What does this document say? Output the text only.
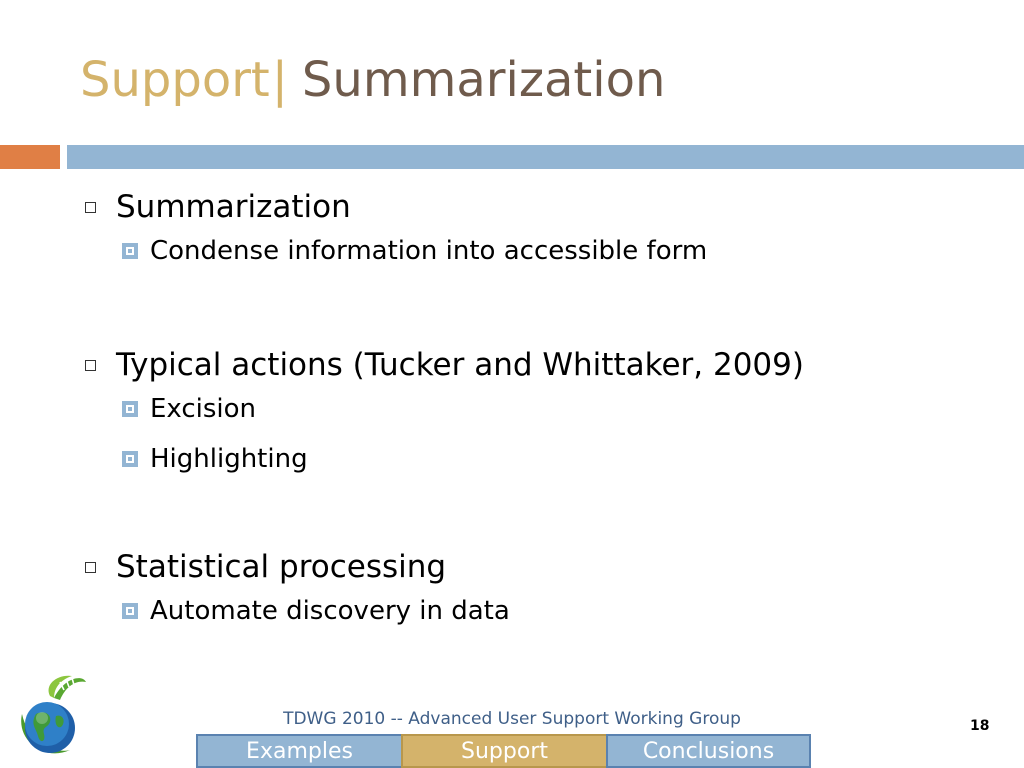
Support| Summarization
Summarization
Condense information into accessible form
Typical actions (Tucker and Whittaker, 2009)
Excision
Highlighting
Statistical processing
Automate discovery in data
TDWG 2010 -- Advanced User Support Working Group	18
Examples	Support	Conclusions
